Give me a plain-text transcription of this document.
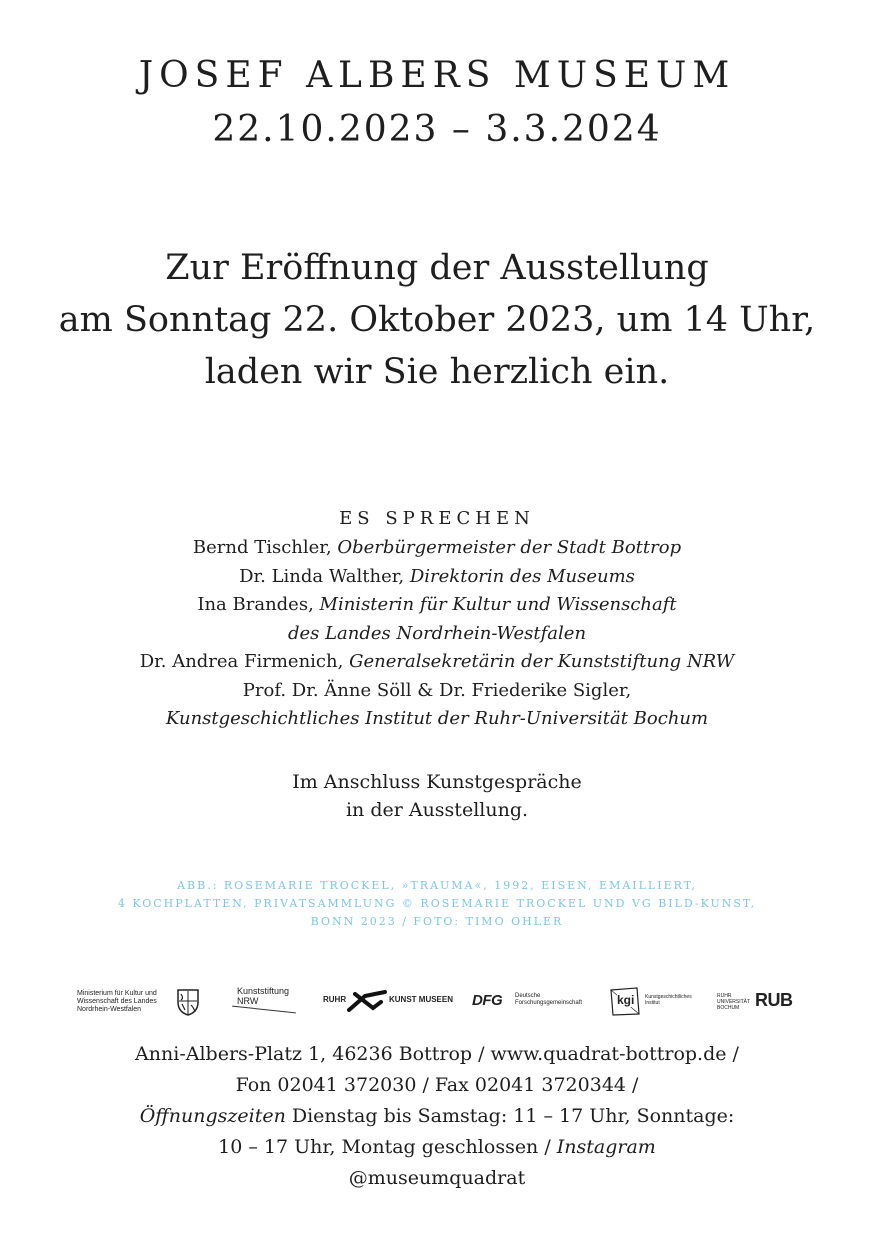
JOSEF ALBERS MUSEUM
22.10.2023 – 3.3.2024
Zur Eröffnung der Ausstellung
am Sonntag 22. Oktober 2023, um 14 Uhr,
laden wir Sie herzlich ein.
ES SPRECHEN
Bernd Tischler, Oberbürgermeister der Stadt Bottrop
Dr. Linda Walther, Direktorin des Museums
Ina Brandes, Ministerin für Kultur und Wissenschaft
des Landes Nordrhein-Westfalen
Dr. Andrea Firmenich, Generalsekretärin der Kunststiftung NRW
Prof. Dr. Änne Söll & Dr. Friederike Sigler,
Kunstgeschichtliches Institut der Ruhr-Universität Bochum
Im Anschluss Kunstgespräche
in der Ausstellung.
ABB.: ROSEMARIE TROCKEL, »TRAUMA«, 1992, EISEN, EMAILLIERT,
4 KOCHPLATTEN, PRIVATSAMMLUNG © ROSEMARIE TROCKEL UND VG BILD-KUNST,
BONN 2023 / FOTO: TIMO OHLER
Ministerium für Kultur und Wissenschaft des Landes Nordrhein-Westfalen
Kunststiftung NRW	RUHR	KUNST MUSEEN DFG Deutsche Forschungsgemeinschaft	kgi Kunstgeschichtliches Institut
RUHR UNIVERSITÄT BOCHUM RUB
Anni-Albers-Platz 1, 46236 Bottrop / www.quadrat-bottrop.de /
Fon 02041 372030 / Fax 02041 3720344 /
Öffnungszeiten Dienstag bis Samstag: 11 – 17 Uhr, Sonntage:
10 – 17 Uhr, Montag geschlossen / Instagram
@museumquadrat
